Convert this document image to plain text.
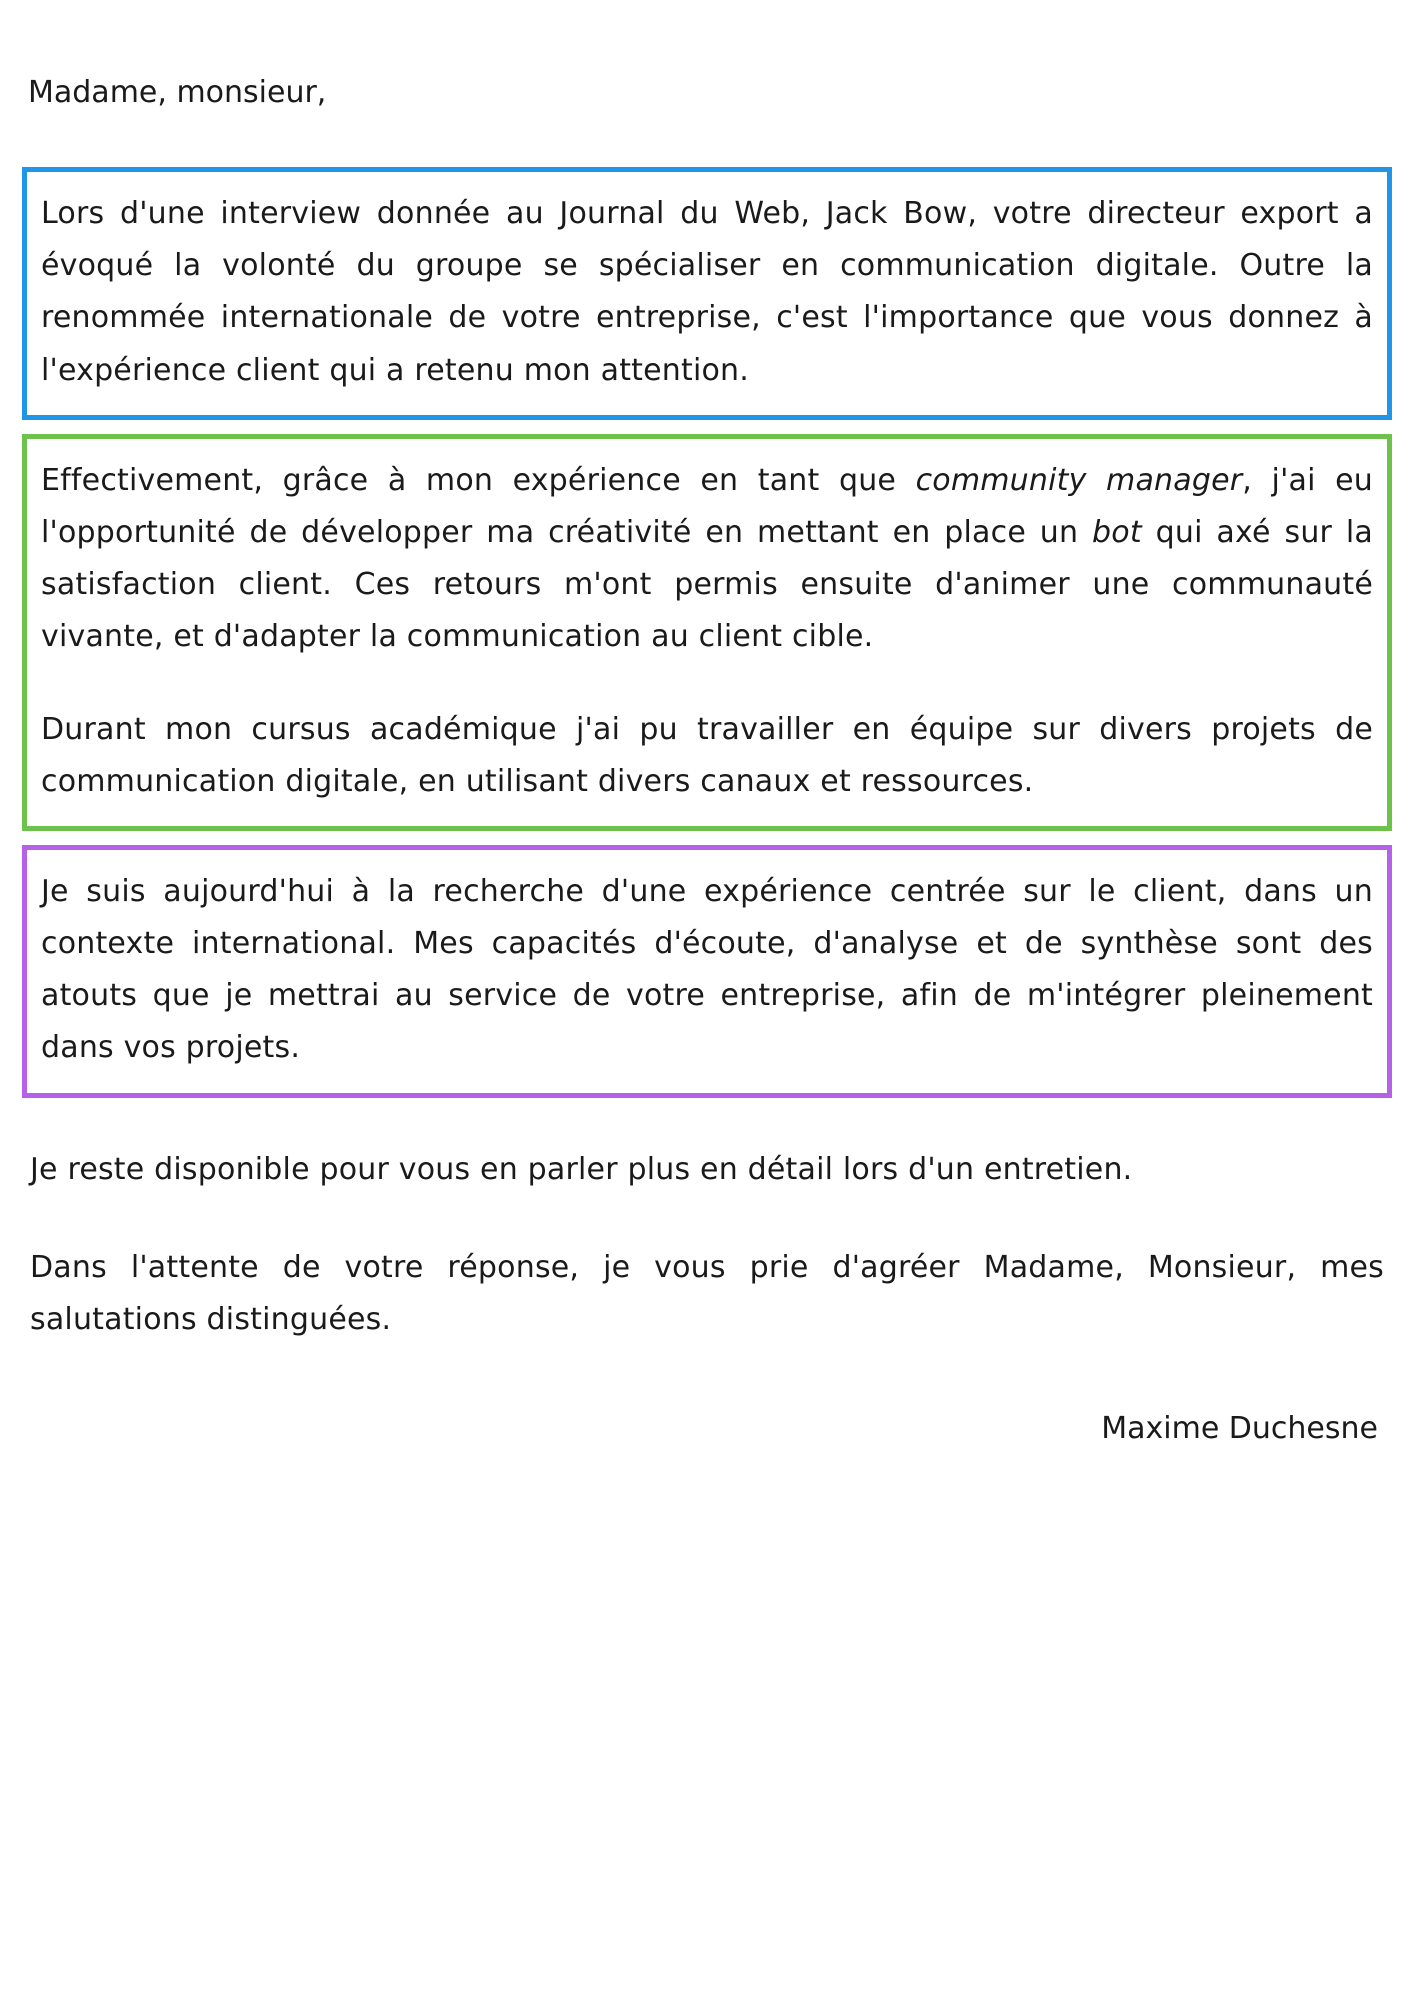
Madame, monsieur,

Lors d'une interview donnée au Journal du Web, Jack Bow, votre directeur export a évoqué la volonté du groupe se spécialiser en communication digitale. Outre la renommée internationale de votre entreprise, c'est l'importance que vous donnez à l'expérience client qui a retenu mon attention.

Effectivement, grâce à mon expérience en tant que community manager, j'ai eu l'opportunité de développer ma créativité en mettant en place un bot qui axé sur la satisfaction client. Ces retours m'ont permis ensuite d'animer une communauté vivante, et d'adapter la communication au client cible.

Durant mon cursus académique j'ai pu travailler en équipe sur divers projets de communication digitale, en utilisant divers canaux et ressources.

Je suis aujourd'hui à la recherche d'une expérience centrée sur le client, dans un contexte international. Mes capacités d'écoute, d'analyse et de synthèse sont des atouts que je mettrai au service de votre entreprise, afin de m'intégrer pleinement dans vos projets.

Je reste disponible pour vous en parler plus en détail lors d'un entretien.

Dans l'attente de votre réponse, je vous prie d'agréer Madame, Monsieur, mes salutations distinguées.

Maxime Duchesne
